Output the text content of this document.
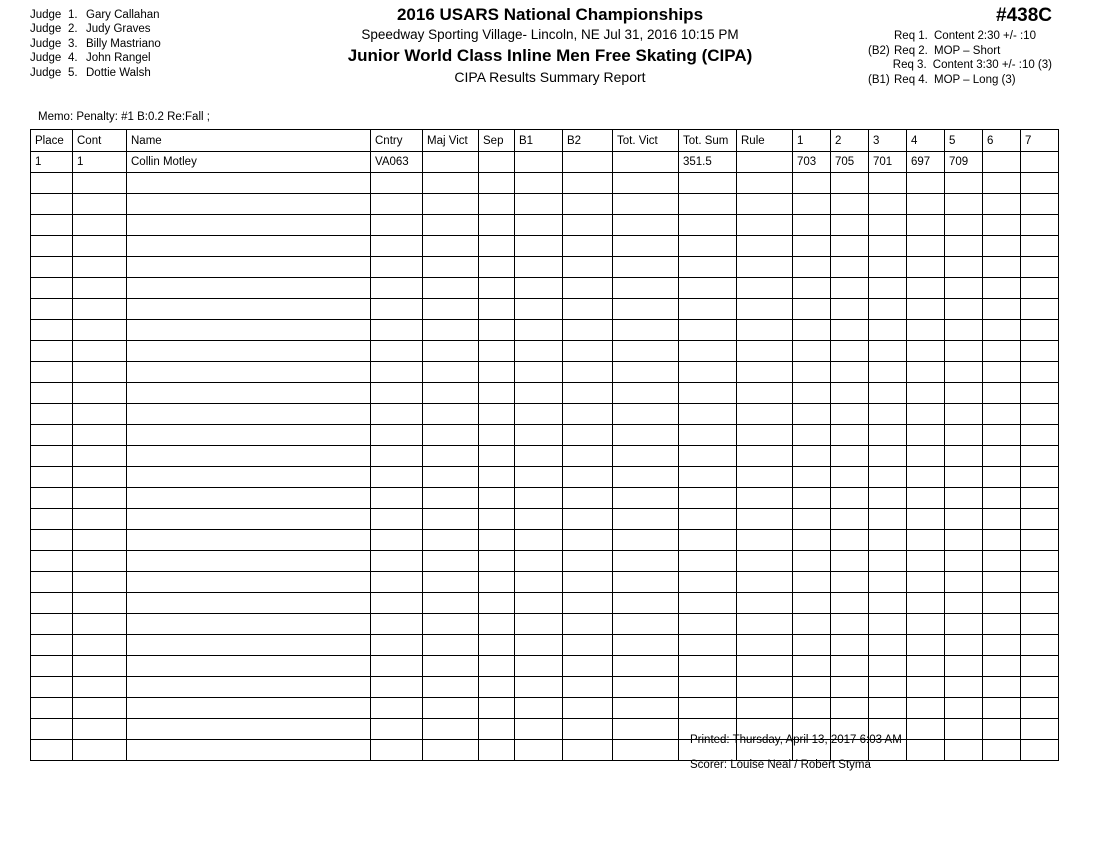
Judge 1. Gary Callahan
Judge 2. Judy Graves
Judge 3. Billy Mastriano
Judge 4. John Rangel
Judge 5. Dottie Walsh
2016 USARS National Championships
Speedway Sporting Village- Lincoln, NE Jul 31, 2016 10:15 PM
Junior World Class Inline Men Free Skating (CIPA)
CIPA Results Summary Report
#438C
Req 1. Content 2:30 +/- :10
(B2) Req 2. MOP – Short
Req 3. Content 3:30 +/- :10 (3)
(B1) Req 4. MOP – Long (3)
Memo: Penalty: #1 B:0.2 Re:Fall ;
Place	Cont	Name	Cntry	Maj Vict	Sep	B1	B2	Tot. Vict	Tot. Sum	Rule	1	2	3	4	5	6	7
1	1	Collin Motley	VA063						351.5		703	705	701	697	709		

Printed: Thursday, April 13, 2017 6:03 AM
Scorer: Louise Neal / Robert Styma
